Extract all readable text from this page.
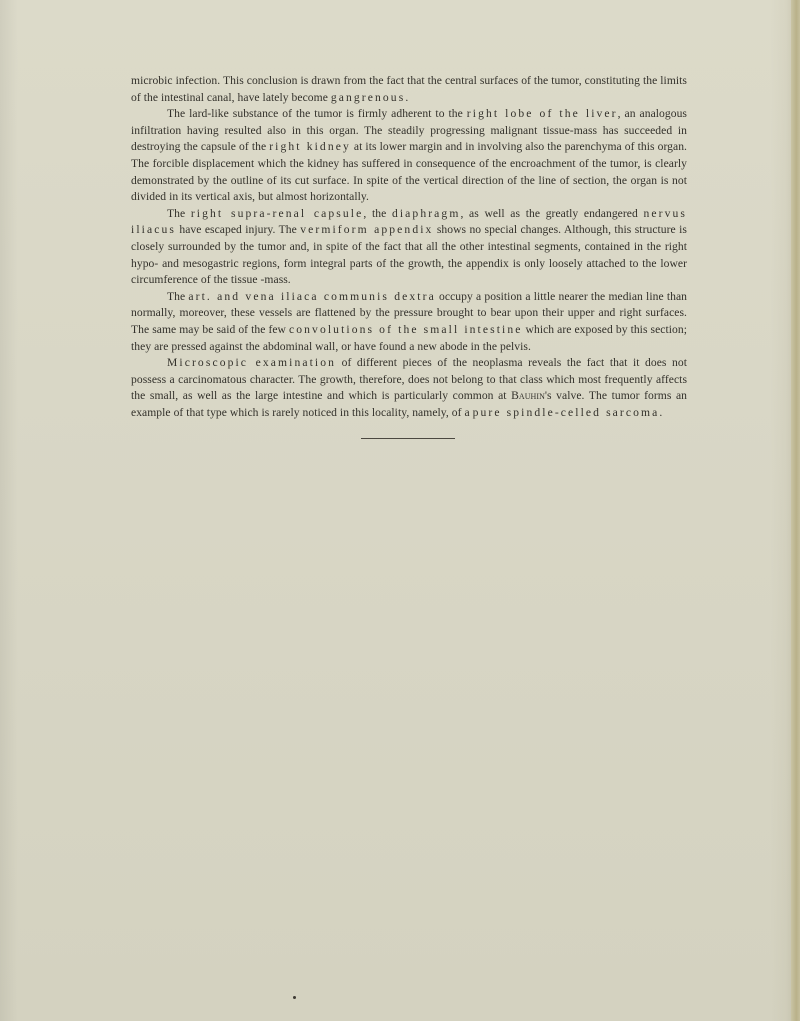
microbic infection. This conclusion is drawn from the fact that the central surfaces of the tumor, constituting the limits of the intestinal canal, have lately become gangrenous.

The lard-like substance of the tumor is firmly adherent to the right lobe of the liver, an analogous infiltration having resulted also in this organ. The steadily progressing malignant tissue-mass has succeeded in destroying the capsule of the right kidney at its lower margin and in involving also the parenchyma of this organ. The forcible displacement which the kidney has suffered in consequence of the encroachment of the tumor, is clearly demonstrated by the outline of its cut surface. In spite of the vertical direction of the line of section, the organ is not divided in its vertical axis, but almost horizontally.

The right supra-renal capsule, the diaphragm, as well as the greatly endangered nervus iliacus have escaped injury. The vermiform appendix shows no special changes. Although, this structure is closely surrounded by the tumor and, in spite of the fact that all the other intestinal segments, contained in the right hypo- and mesogastric regions, form integral parts of the growth, the appendix is only loosely attached to the lower circumference of the tissue -mass.

The art. and vena iliaca communis dextra occupy a position a little nearer the median line than normally, moreover, these vessels are flattened by the pressure brought to bear upon their upper and right surfaces. The same may be said of the few convolutions of the small intestine which are exposed by this section; they are pressed against the abdominal wall, or have found a new abode in the pelvis.

Microscopic examination of different pieces of the neoplasma reveals the fact that it does not possess a carcinomatous character. The growth, therefore, does not belong to that class which most frequently affects the small, as well as the large intestine and which is particularly common at Bauhin's valve. The tumor forms an example of that type which is rarely noticed in this locality, namely, of a pure spindle-celled sarcoma.
